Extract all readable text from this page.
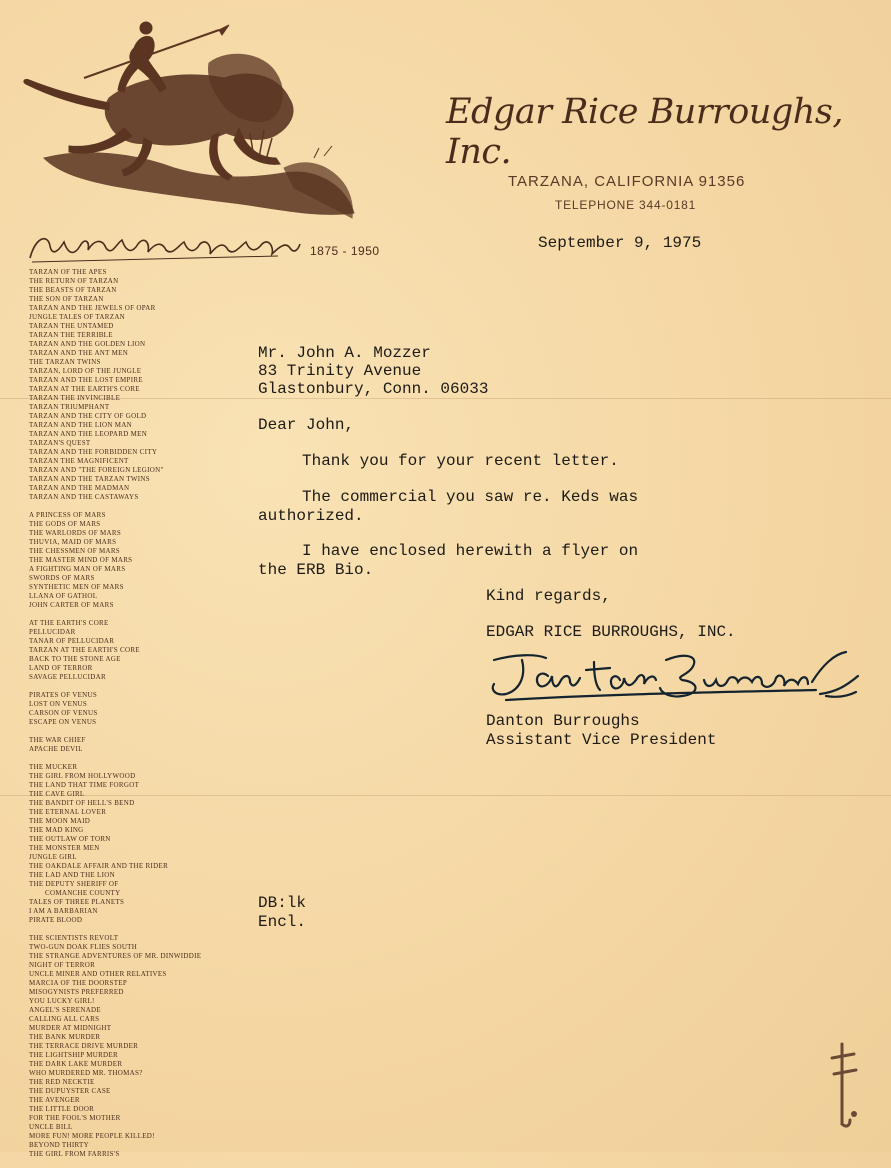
1875 - 1950
Edgar Rice Burroughs, Inc.
TARZANA, CALIFORNIA 91356
TELEPHONE 344-0181
TARZAN OF THE APES
THE RETURN OF TARZAN
THE BEASTS OF TARZAN
THE SON OF TARZAN
TARZAN AND THE JEWELS OF OPAR
JUNGLE TALES OF TARZAN
TARZAN THE UNTAMED
TARZAN THE TERRIBLE
TARZAN AND THE GOLDEN LION
TARZAN AND THE ANT MEN
THE TARZAN TWINS
TARZAN, LORD OF THE JUNGLE
TARZAN AND THE LOST EMPIRE
TARZAN AT THE EARTH'S CORE
TARZAN THE INVINCIBLE
TARZAN TRIUMPHANT
TARZAN AND THE CITY OF GOLD
TARZAN AND THE LION MAN
TARZAN AND THE LEOPARD MEN
TARZAN'S QUEST
TARZAN AND THE FORBIDDEN CITY
TARZAN THE MAGNIFICENT
TARZAN AND "THE FOREIGN LEGION"
TARZAN AND THE TARZAN TWINS
TARZAN AND THE MADMAN
TARZAN AND THE CASTAWAYS
A PRINCESS OF MARS
THE GODS OF MARS
THE WARLORDS OF MARS
THUVIA, MAID OF MARS
THE CHESSMEN OF MARS
THE MASTER MIND OF MARS
A FIGHTING MAN OF MARS
SWORDS OF MARS
SYNTHETIC MEN OF MARS
LLANA OF GATHOL
JOHN CARTER OF MARS
AT THE EARTH'S CORE
PELLUCIDAR
TANAR OF PELLUCIDAR
TARZAN AT THE EARTH'S CORE
BACK TO THE STONE AGE
LAND OF TERROR
SAVAGE PELLUCIDAR
PIRATES OF VENUS
LOST ON VENUS
CARSON OF VENUS
ESCAPE ON VENUS
THE WAR CHIEF
APACHE DEVIL
THE MUCKER
THE GIRL FROM HOLLYWOOD
THE LAND THAT TIME FORGOT
THE CAVE GIRL
THE BANDIT OF HELL'S BEND
THE ETERNAL LOVER
THE MOON MAID
THE MAD KING
THE OUTLAW OF TORN
THE MONSTER MEN
JUNGLE GIRL
THE OAKDALE AFFAIR AND THE RIDER
THE LAD AND THE LION
THE DEPUTY SHERIFF OF
COMANCHE COUNTY
TALES OF THREE PLANETS
I AM A BARBARIAN
PIRATE BLOOD
THE SCIENTISTS REVOLT
TWO-GUN DOAK FLIES SOUTH
THE STRANGE ADVENTURES OF MR. DINWIDDIE
NIGHT OF TERROR
UNCLE MINER AND OTHER RELATIVES
MARCIA OF THE DOORSTEP
MISOGYNISTS PREFERRED
YOU LUCKY GIRL!
ANGEL'S SERENADE
CALLING ALL CARS
MURDER AT MIDNIGHT
THE BANK MURDER
THE TERRACE DRIVE MURDER
THE LIGHTSHIP MURDER
THE DARK LAKE MURDER
WHO MURDERED MR. THOMAS?
THE RED NECKTIE
THE DUPUYSTER CASE
THE AVENGER
THE LITTLE DOOR
FOR THE FOOL'S MOTHER
UNCLE BILL
MORE FUN! MORE PEOPLE KILLED!
BEYOND THIRTY
THE GIRL FROM FARRIS'S
September 9, 1975
Mr. John A. Mozzer
83 Trinity Avenue
Glastonbury, Conn. 06033
Dear John,
Thank you for your recent letter.
The commercial you saw re. Keds was
authorized.
I have enclosed herewith a flyer on
the ERB Bio.
Kind regards,
EDGAR RICE BURROUGHS, INC.
Danton Burroughs
Assistant Vice President
DB:lk
Encl.
